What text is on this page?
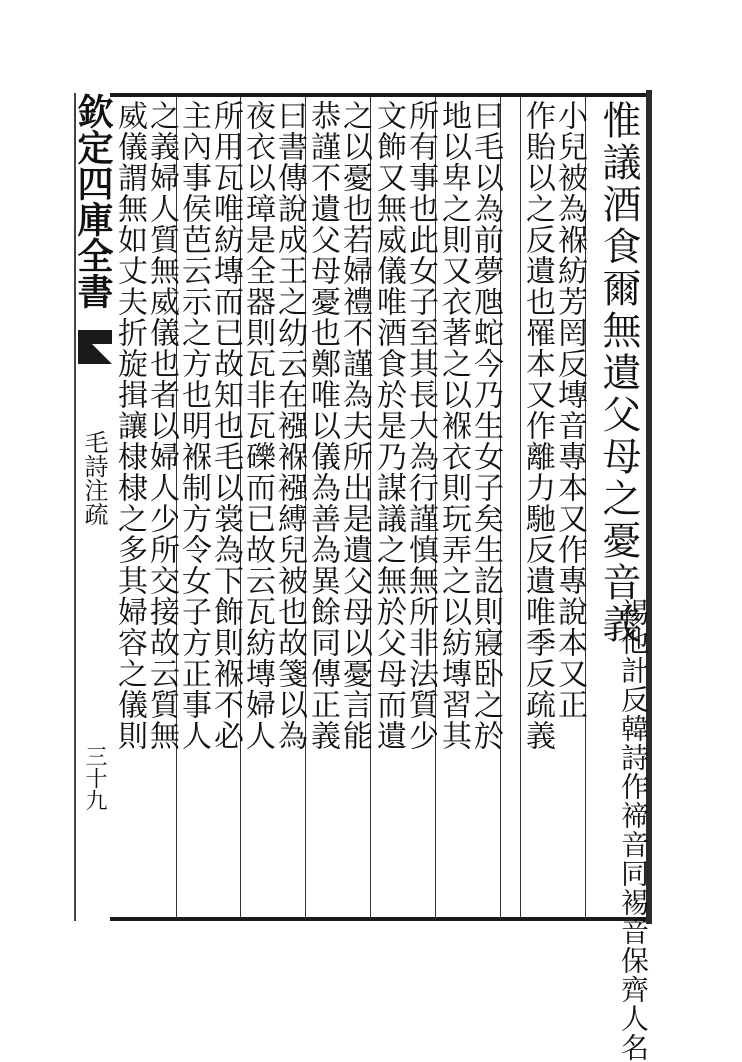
欽定四庫全書
毛詩注疏
三十九
惟議酒食爾無遺父母之憂音義
裼他計反韓詩作禘音同裼音保齊人名
小兒被為褓紡芳罔反塼音專本又作專說本又正
作貽以之反遺也罹本又作離力馳反遺唯季反疏義
曰毛以為前夢虺蛇今乃生女子矣生訖則寢卧之於
地以卑之則又衣著之以褓衣則玩弄之以紡塼習其
所有事也此女子至其長大為行謹慎無所非法質少
文飾又無威儀唯酒食於是乃謀議之無於父母而遺
之以憂也若婦禮不謹為夫所出是遺父母以憂言能
恭謹不遺父母憂也鄭唯以儀為善為異餘同傳正義
曰書傳說成王之幼云在襁褓襁縛兒被也故箋以為
夜衣以璋是全器則瓦非瓦礫而已故云瓦紡塼婦人
所用瓦唯紡塼而已故知也毛以裳為下飾則褓不必
主內事侯芭云示之方也明褓制方令女子方正事人
之義婦人質無威儀也者以婦人少所交接故云質無
威儀謂無如丈夫折旋揖讓棣棣之多其婦容之儀則
